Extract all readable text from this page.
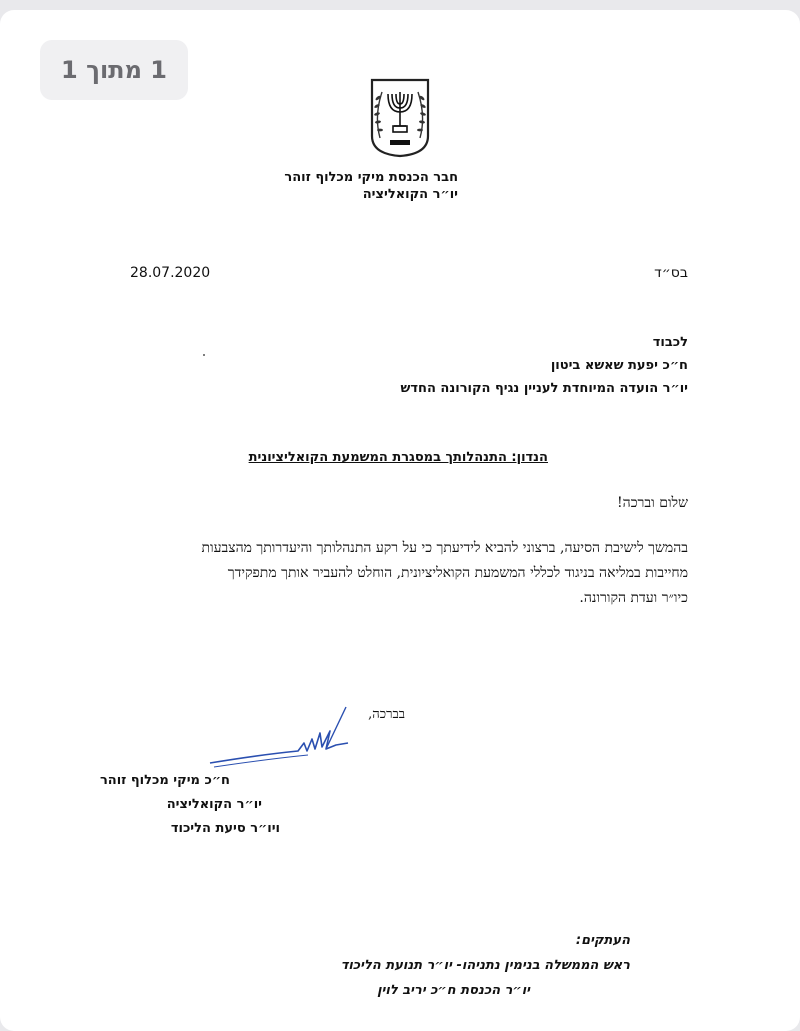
1 מתוך 1
חבר הכנסת מיקי מכלוף זוהר
יו״ר הקואליציה
28.07.2020	בס״ד
לכבוד
ח״כ יפעת שאשא ביטון
יו״ר הועדה המיוחדת לעניין נגיף הקורונה החדש
הנדון: התנהלותך במסגרת המשמעת הקואליציונית
שלום וברכה!
בהמשך לישיבת הסיעה, ברצוני להביא לידיעתך כי על רקע התנהלותך והיעדרותך מהצבעות
מחייבות במליאה בניגוד לכללי המשמעת הקואליציונית, הוחלט להעביר אותך מתפקידך
כיו״ר ועדת הקורונה.
בברכה,
ח״כ מיקי מכלוף זוהר
יו״ר הקואליציה
ויו״ר סיעת הליכוד
העתקים:
ראש הממשלה בנימין נתניהו- יו״ר תנועת הליכוד
יו״ר הכנסת ח״כ יריב לוין
